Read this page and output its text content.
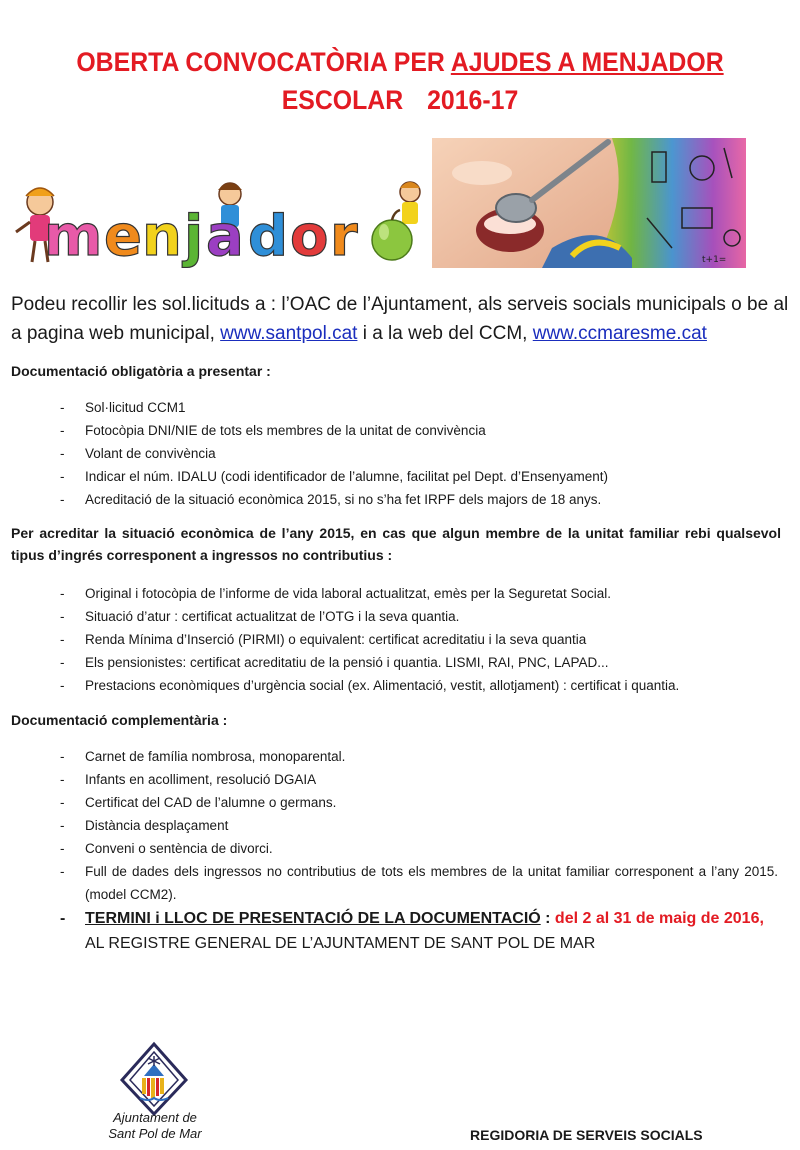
OBERTA CONVOCATÒRIA PER AJUDES A MENJADOR
ESCOLAR 2016-17
m e n j a d o r	t+1=
Podeu recollir les sol.licituds a : l’OAC de l’Ajuntament, als serveis socials municipals o be al a pagina web municipal, www.santpol.cat i a la web del CCM, www.ccmaresme.cat
Documentació obligatòria a presentar :
- Sol·licitud CCM1
- Fotocòpia DNI/NIE de tots els membres de la unitat de convivència
- Volant de convivència
- Indicar el núm. IDALU (codi identificador de l’alumne, facilitat pel Dept. d’Ensenyament)
- Acreditació de la situació econòmica 2015, si no s’ha fet IRPF dels majors de 18 anys.
Per acreditar la situació econòmica de l’any 2015, en cas que algun membre de la unitat familiar rebi qualsevol tipus d’ingrés corresponent a ingressos no contributius :
- Original i fotocòpia de l’informe de vida laboral actualitzat, emès per la Seguretat Social.
- Situació d’atur : certificat actualitzat de l’OTG i la seva quantia.
- Renda Mínima d’Inserció (PIRMI) o equivalent: certificat acreditatiu i la seva quantia
- Els pensionistes: certificat acreditatiu de la pensió i quantia. LISMI, RAI, PNC, LAPAD...
- Prestacions econòmiques d’urgència social (ex. Alimentació, vestit, allotjament) : certificat i quantia.
Documentació complementària :
- Carnet de família nombrosa, monoparental.
- Infants en acolliment, resolució DGAIA
- Certificat del CAD de l’alumne o germans.
- Distància desplaçament
- Conveni o sentència de divorci.
- Full de dades dels ingressos no contributius de tots els membres de la unitat familiar corresponent a l’any 2015. (model CCM2).
- TERMINI i LLOC DE PRESENTACIÓ DE LA DOCUMENTACIÓ : del 2 al 31 de maig de 2016, AL REGISTRE GENERAL DE L’AJUNTAMENT DE SANT POL DE MAR
Ajuntament de
Sant Pol de Mar	REGIDORIA DE SERVEIS SOCIALS
